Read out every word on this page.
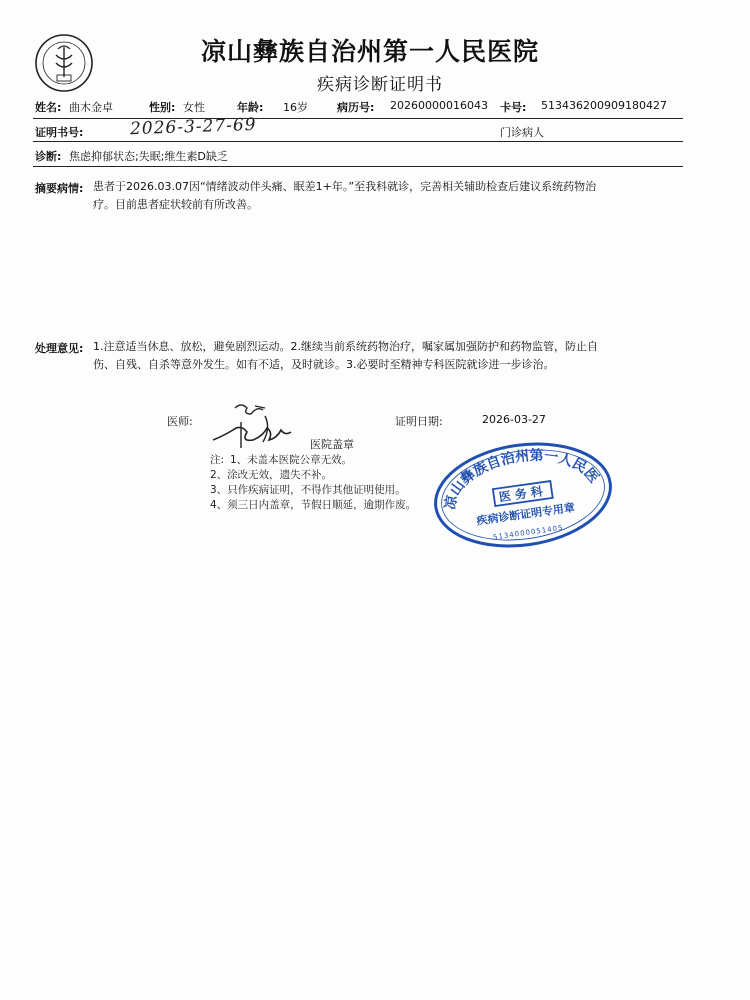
凉山彝族自治州第一人民医院
疾病诊断证明书
姓名: 曲木金卓	性别: 女性	年龄: 16岁	病历号: 20260000016043 卡号: 513436200909180427
证明书号:	2026-3-27-69	门诊病人
诊断: 焦虑抑郁状态;失眠;维生素D缺乏
摘要病情: 患者于2026.03.07因“情绪波动伴头痛、眠差1+年。”至我科就诊，完善相关辅助检查后建议系统药物治
疗。目前患者症状较前有所改善。
处理意见: 1.注意适当休息、放松，避免剧烈运动。2.继续当前系统药物治疗，嘱家属加强防护和药物监管，防止自
伤、自残、自杀等意外发生。如有不适，及时就诊。3.必要时至精神专科医院就诊进一步诊治。
医师:	证明日期:	2026-03-27
医院盖章
注: 1、未盖本医院公章无效。
2、涂改无效，遗失不补。
3、只作疾病证明，不得作其他证明使用。
4、须三日内盖章，节假日顺延，逾期作废。	凉山彝族自治州第一人民医院
医务科
疾病诊断证明专用章
5134000051405
